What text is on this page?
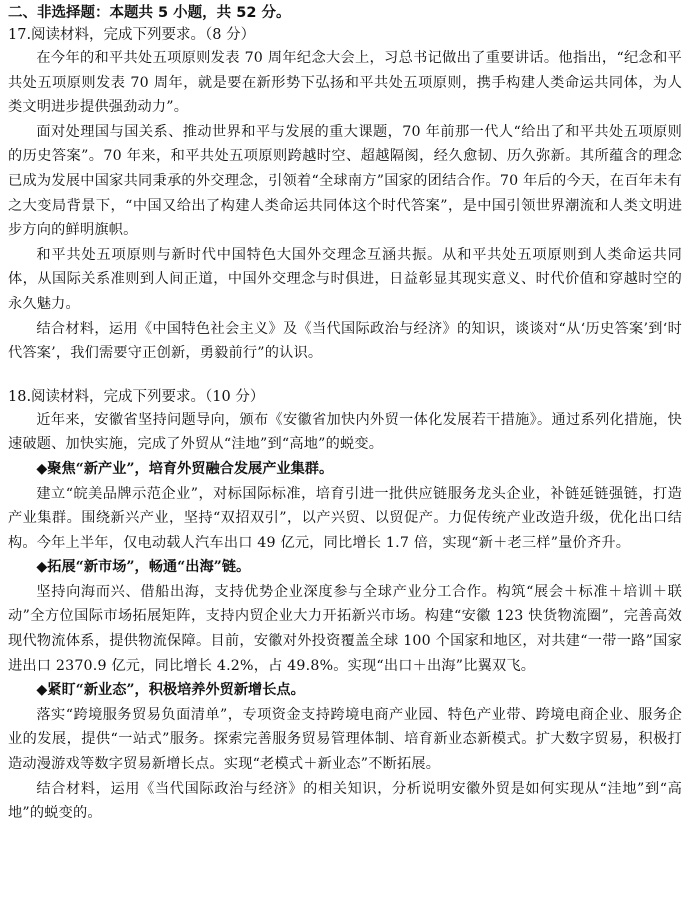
二、非选择题：本题共 5 小题，共 52 分。

17.阅读材料，完成下列要求。（8 分）

在今年的和平共处五项原则发表 70 周年纪念大会上，习总书记做出了重要讲话。他指出，“纪念和平共处五项原则发表 70 周年，就是要在新形势下弘扬和平共处五项原则，携手构建人类命运共同体，为人类文明进步提供强劲动力”。

面对处理国与国关系、推动世界和平与发展的重大课题，70 年前那一代人“给出了和平共处五项原则的历史答案”。70 年来，和平共处五项原则跨越时空、超越隔阂，经久愈韧、历久弥新。其所蕴含的理念已成为发展中国家共同秉承的外交理念，引领着“全球南方”国家的团结合作。70 年后的今天，在百年未有之大变局背景下，“中国又给出了构建人类命运共同体这个时代答案”，是中国引领世界潮流和人类文明进步方向的鲜明旗帜。

和平共处五项原则与新时代中国特色大国外交理念互涵共振。从和平共处五项原则到人类命运共同体，从国际关系准则到人间正道，中国外交理念与时俱进，日益彰显其现实意义、时代价值和穿越时空的永久魅力。

结合材料，运用《中国特色社会主义》及《当代国际政治与经济》的知识，谈谈对“从‘历史答案’到‘时代答案’，我们需要守正创新，勇毅前行”的认识。

18.阅读材料，完成下列要求。（10 分）

近年来，安徽省坚持问题导向，颁布《安徽省加快内外贸一体化发展若干措施》。通过系列化措施，快速破题、加快实施，完成了外贸从“洼地”到“高地”的蜕变。

◆聚焦“新产业”，培育外贸融合发展产业集群。

建立“皖美品牌示范企业”，对标国际标准，培育引进一批供应链服务龙头企业，补链延链强链，打造产业集群。围绕新兴产业，坚持“双招双引”，以产兴贸、以贸促产。力促传统产业改造升级，优化出口结构。今年上半年，仅电动载人汽车出口 49 亿元，同比增长 1.7 倍，实现“新＋老三样”量价齐升。

◆拓展“新市场”，畅通“出海”链。

坚持向海而兴、借船出海，支持优势企业深度参与全球产业分工合作。构筑“展会＋标准＋培训＋联动”全方位国际市场拓展矩阵，支持内贸企业大力开拓新兴市场。构建“安徽 123 快货物流圈”，完善高效现代物流体系，提供物流保障。目前，安徽对外投资覆盖全球 100 个国家和地区，对共建“一带一路”国家进出口 2370.9 亿元，同比增长 4.2%，占 49.8%。实现“出口＋出海”比翼双飞。

◆紧盯“新业态”，积极培养外贸新增长点。

落实“跨境服务贸易负面清单”，专项资金支持跨境电商产业园、特色产业带、跨境电商企业、服务企业的发展，提供“一站式”服务。探索完善服务贸易管理体制、培育新业态新模式。扩大数字贸易，积极打造动漫游戏等数字贸易新增长点。实现“老模式＋新业态”不断拓展。

结合材料，运用《当代国际政治与经济》的相关知识，分析说明安徽外贸是如何实现从“洼地”到“高地”的蜕变的。
